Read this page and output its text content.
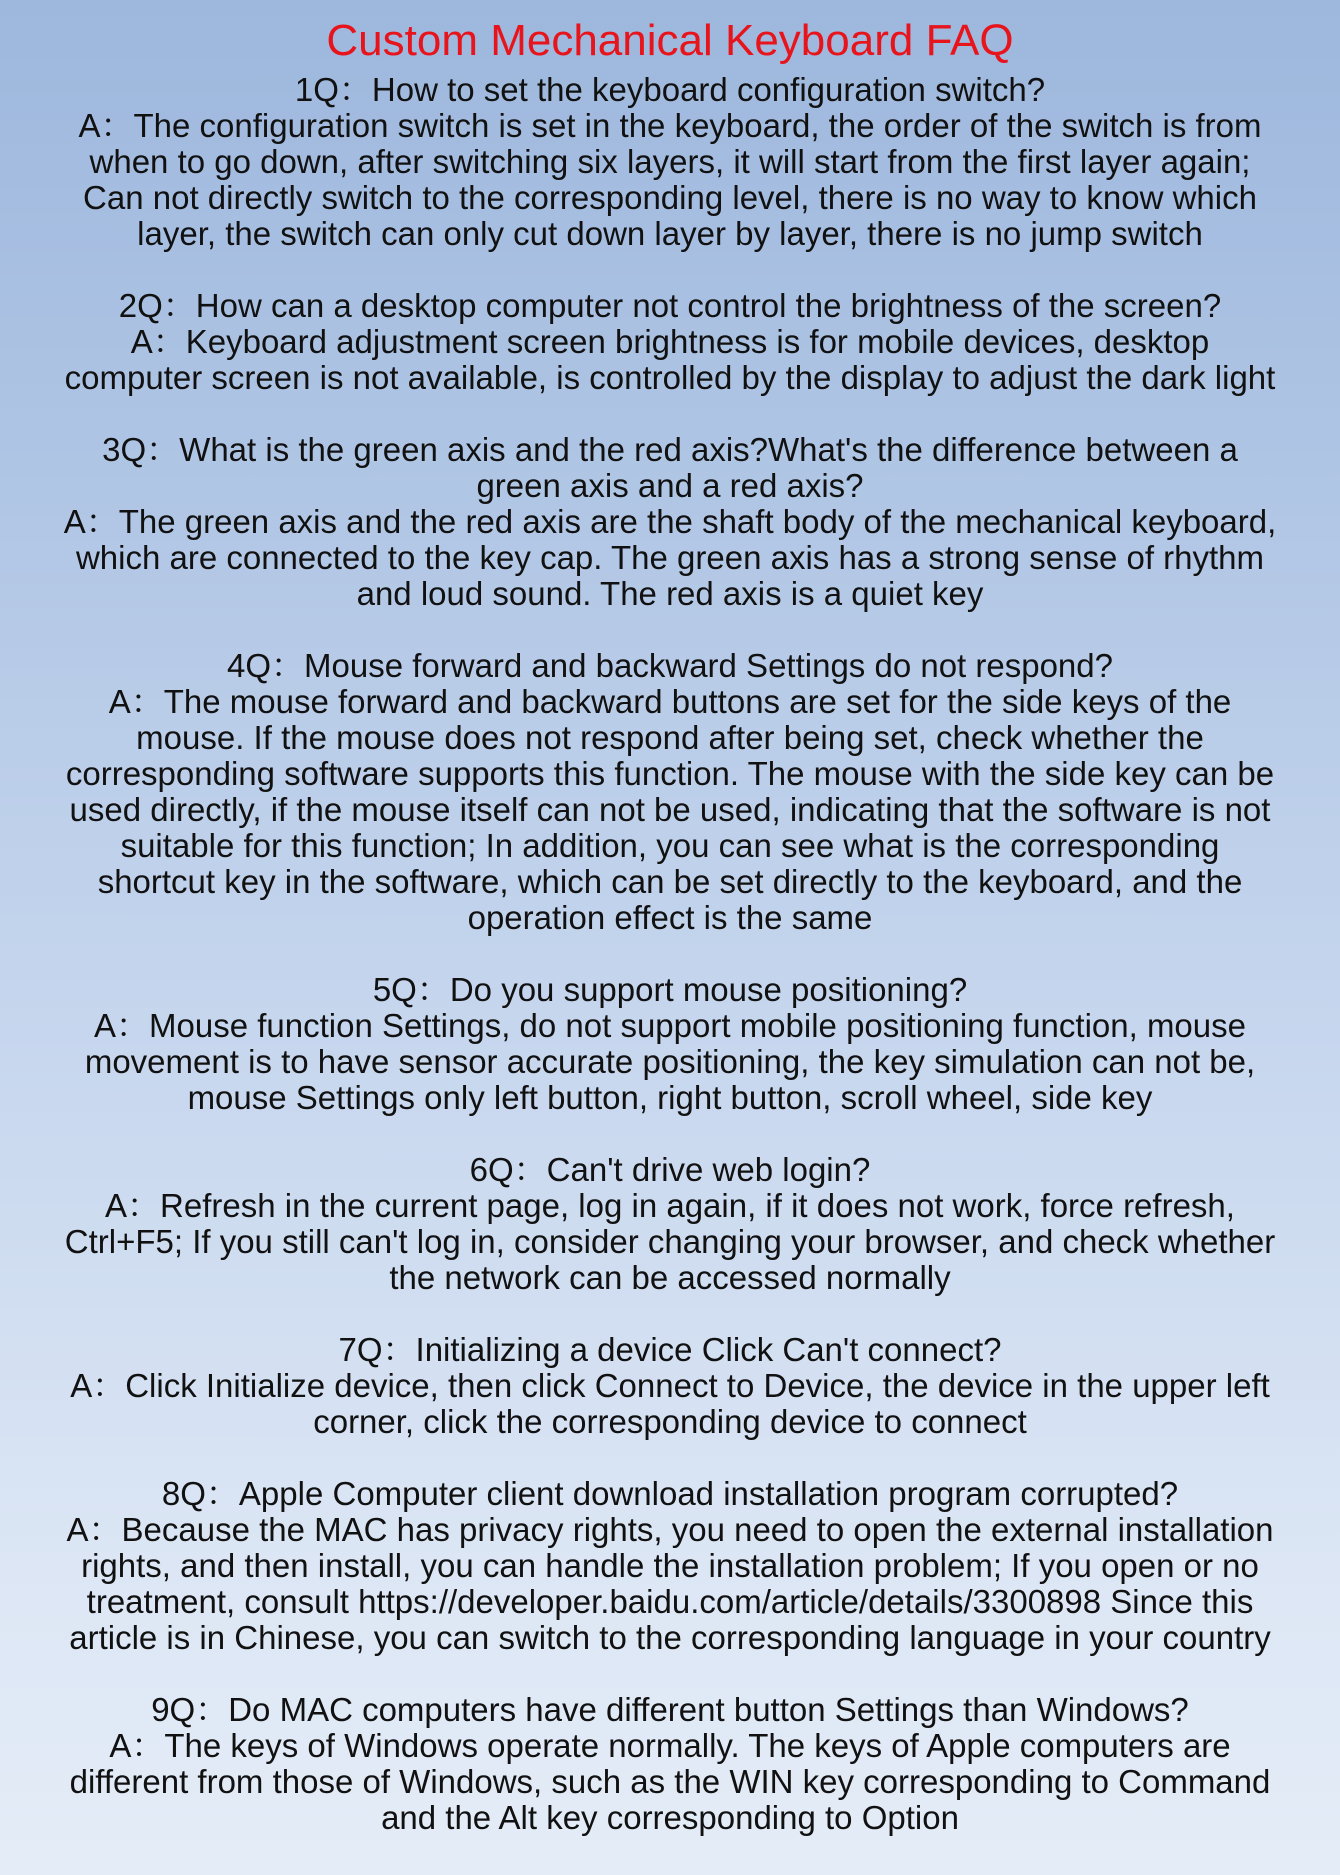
Custom Mechanical Keyboard FAQ

1Q：How to set the keyboard configuration switch?

A：The configuration switch is set in the keyboard, the order of the switch is from

when to go down, after switching six layers, it will start from the first layer again;

Can not directly switch to the corresponding level, there is no way to know which

layer, the switch can only cut down layer by layer, there is no jump switch

2Q：How can a desktop computer not control the brightness of the screen?

A：Keyboard adjustment screen brightness is for mobile devices, desktop

computer screen is not available, is controlled by the display to adjust the dark light

3Q：What is the green axis and the red axis?What's the difference between a

green axis and a red axis?

A：The green axis and the red axis are the shaft body of the mechanical keyboard,

which are connected to the key cap. The green axis has a strong sense of rhythm

and loud sound. The red axis is a quiet key

4Q：Mouse forward and backward Settings do not respond?

A：The mouse forward and backward buttons are set for the side keys of the

mouse. If the mouse does not respond after being set, check whether the

corresponding software supports this function. The mouse with the side key can be

used directly, if the mouse itself can not be used, indicating that the software is not

suitable for this function; In addition, you can see what is the corresponding

shortcut key in the software, which can be set directly to the keyboard, and the

operation effect is the same

5Q：Do you support mouse positioning?

A：Mouse function Settings, do not support mobile positioning function, mouse

movement is to have sensor accurate positioning, the key simulation can not be,

mouse Settings only left button, right button, scroll wheel, side key

6Q：Can't drive web login?

A：Refresh in the current page, log in again, if it does not work, force refresh,

Ctrl+F5; If you still can't log in, consider changing your browser, and check whether

the network can be accessed normally

7Q：Initializing a device Click Can't connect?

A：Click Initialize device, then click Connect to Device, the device in the upper left

corner, click the corresponding device to connect

8Q：Apple Computer client download installation program corrupted?

A：Because the MAC has privacy rights, you need to open the external installation

rights, and then install, you can handle the installation problem; If you open or no

treatment, consult https://developer.baidu.com/article/details/3300898 Since this

article is in Chinese, you can switch to the corresponding language in your country

9Q：Do MAC computers have different button Settings than Windows?

A：The keys of Windows operate normally. The keys of Apple computers are

different from those of Windows, such as the WIN key corresponding to Command

and the Alt key corresponding to Option
